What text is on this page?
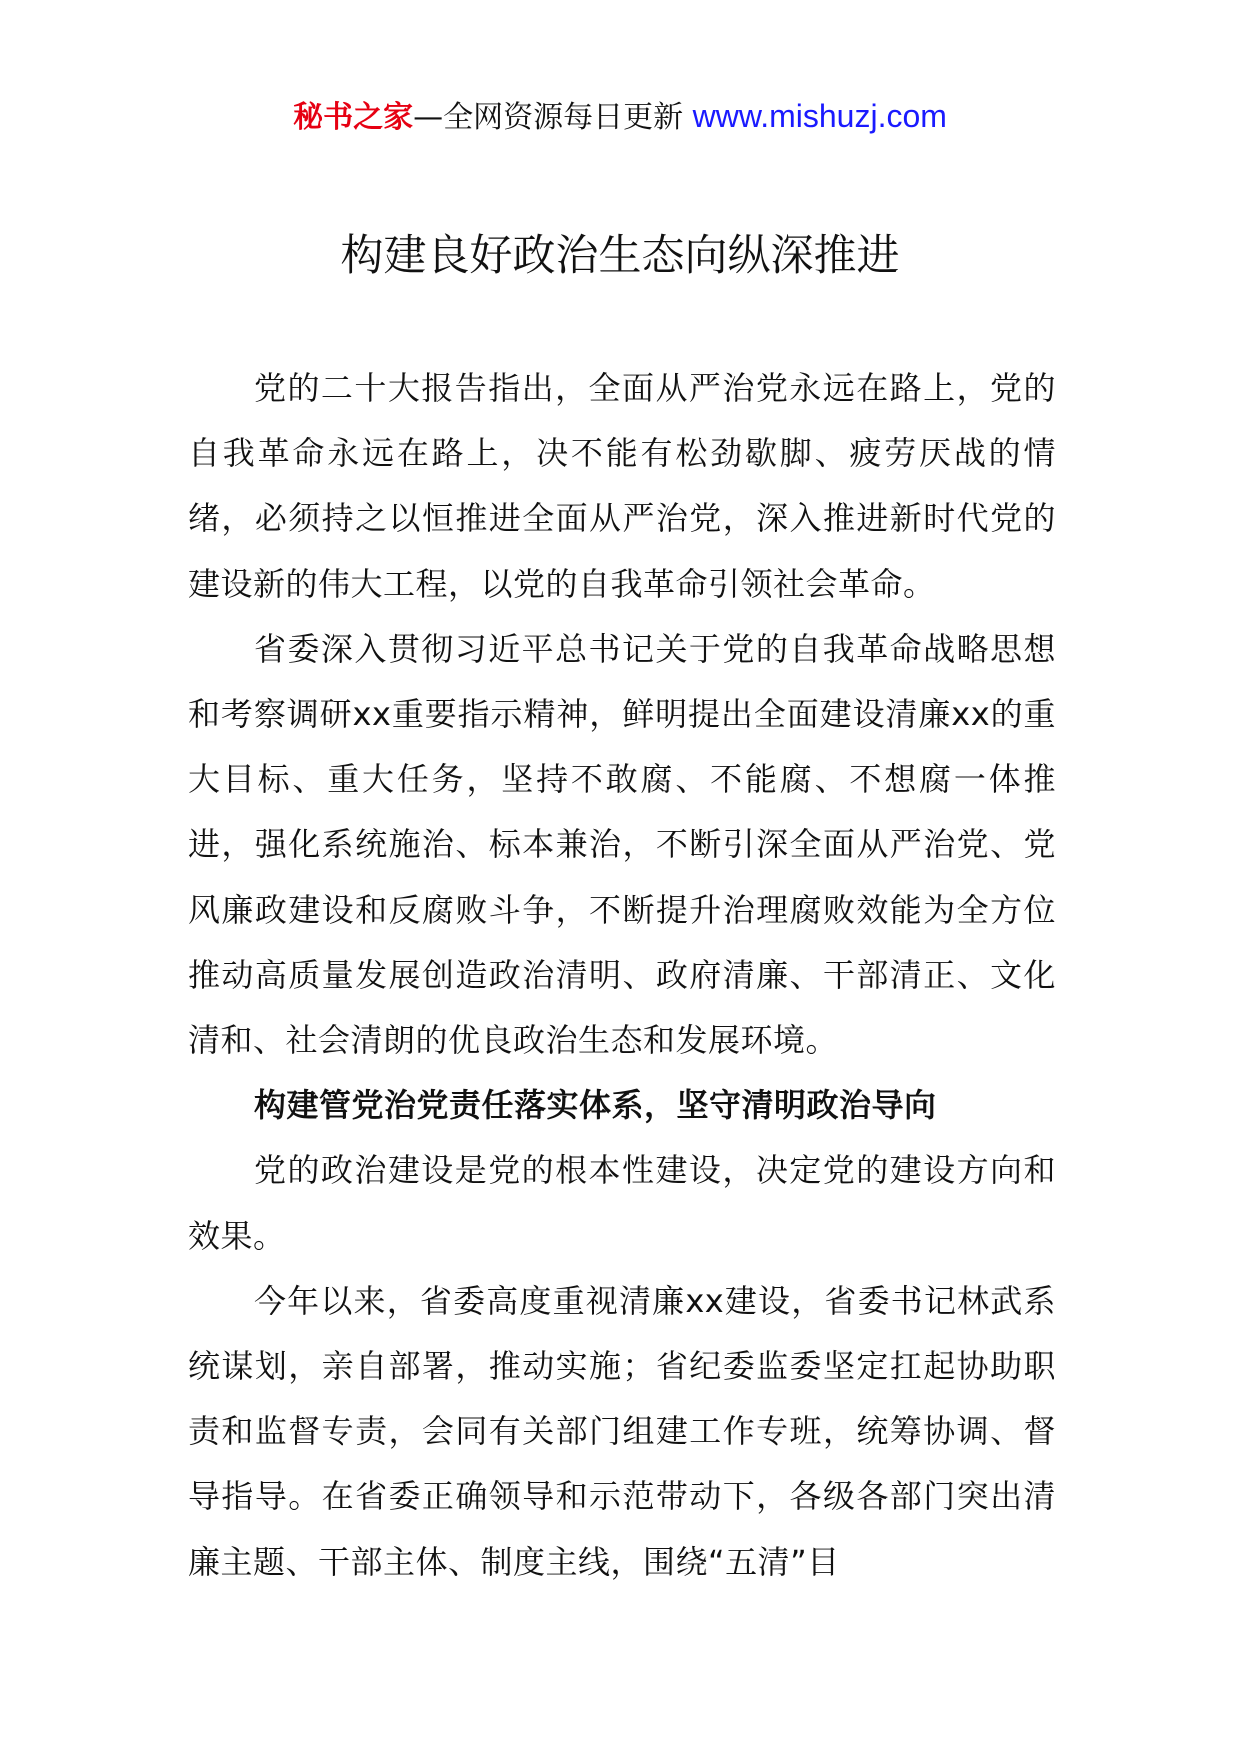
秘书之家—全网资源每日更新 www.mishuzj.com
构建良好政治生态向纵深推进

党的二十大报告指出，全面从严治党永远在路上，党的自我革命永远在路上，决不能有松劲歇脚、疲劳厌战的情绪，必须持之以恒推进全面从严治党，深入推进新时代党的建设新的伟大工程，以党的自我革命引领社会革命。

省委深入贯彻习近平总书记关于党的自我革命战略思想和考察调研xx重要指示精神，鲜明提出全面建设清廉xx的重大目标、重大任务，坚持不敢腐、不能腐、不想腐一体推进，强化系统施治、标本兼治，不断引深全面从严治党、党风廉政建设和反腐败斗争，不断提升治理腐败效能为全方位推动高质量发展创造政治清明、政府清廉、干部清正、文化清和、社会清朗的优良政治生态和发展环境。

构建管党治党责任落实体系，坚守清明政治导向

党的政治建设是党的根本性建设，决定党的建设方向和效果。

今年以来，省委高度重视清廉xx建设，省委书记林武系统谋划，亲自部署，推动实施；省纪委监委坚定扛起协助职责和监督专责，会同有关部门组建工作专班，统筹协调、督导指导。在省委正确领导和示范带动下，各级各部门突出清廉主题、干部主体、制度主线，围绕“五清”目
